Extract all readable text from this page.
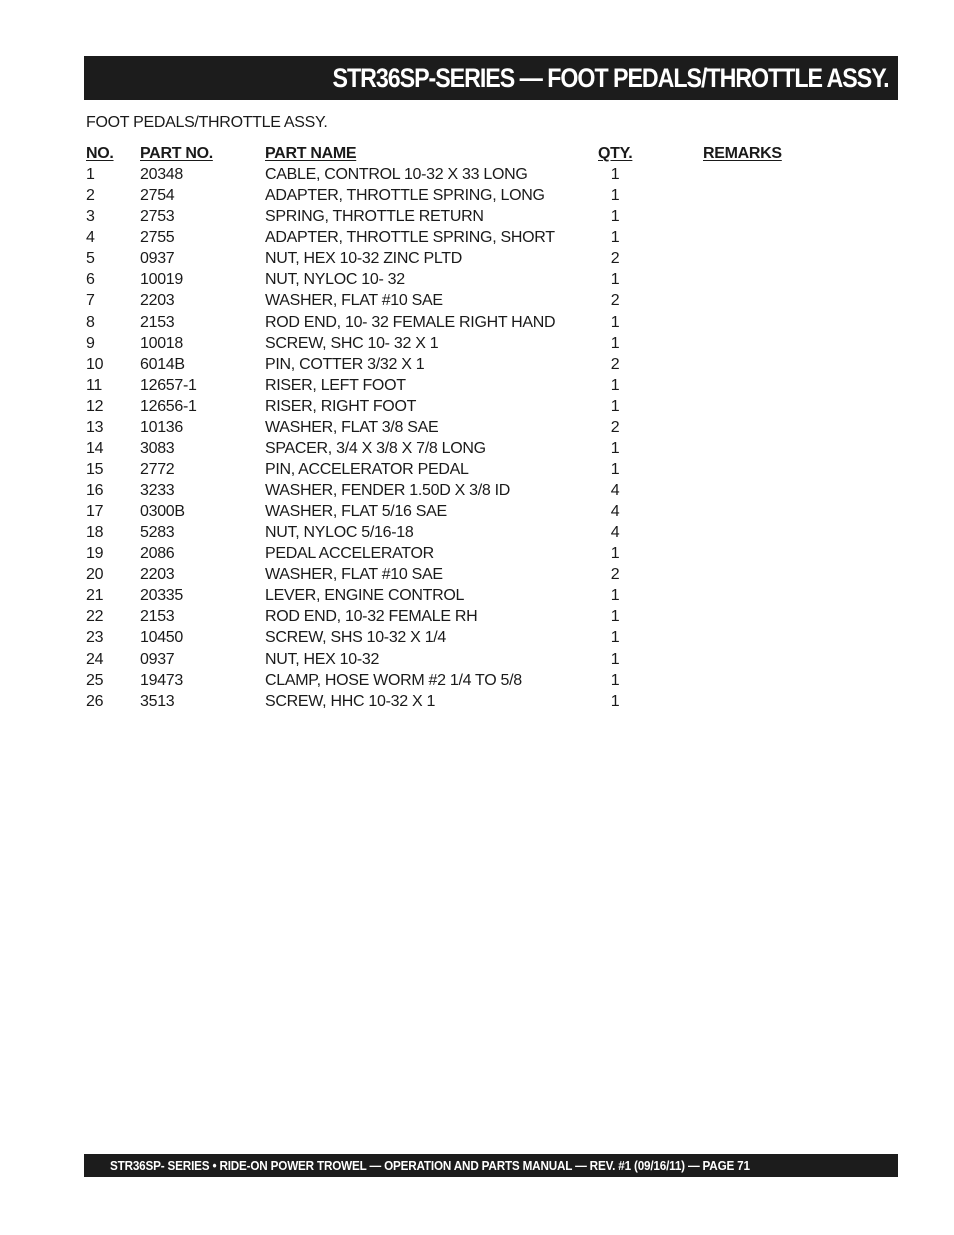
STR36SP-SERIES — FOOT PEDALS/THROTTLE ASSY.
FOOT PEDALS/THROTTLE ASSY.
NO. PART NO.	PART NAME	QTY.	REMARKS
1	20348	CABLE, CONTROL 10-32 X 33 LONG	1
2	2754	ADAPTER, THROTTLE SPRING, LONG	1
3	2753	SPRING, THROTTLE RETURN	1
4	2755	ADAPTER, THROTTLE SPRING, SHORT	1
5	0937	NUT, HEX 10-32 ZINC PLTD	2
6	10019	NUT, NYLOC 10- 32	1
7	2203	WASHER, FLAT #10 SAE	2
8	2153	ROD END, 10- 32 FEMALE RIGHT HAND	1
9	10018	SCREW, SHC 10- 32 X 1	1
10 6014B	PIN, COTTER 3/32 X 1	2
11 12657-1	RISER, LEFT FOOT	1
12 12656-1	RISER, RIGHT FOOT	1
13 10136	WASHER, FLAT 3/8 SAE	2
14 3083	SPACER, 3/4 X 3/8 X 7/8 LONG	1
15 2772	PIN, ACCELERATOR PEDAL	1
16 3233	WASHER, FENDER 1.50D X 3/8 ID	4
17 0300B	WASHER, FLAT 5/16 SAE	4
18 5283	NUT, NYLOC 5/16-18	4
19 2086	PEDAL ACCELERATOR	1
20 2203	WASHER, FLAT #10 SAE	2
21 20335	LEVER, ENGINE CONTROL	1
22 2153	ROD END, 10-32 FEMALE RH	1
23 10450	SCREW, SHS 10-32 X 1/4	1
24 0937	NUT, HEX 10-32	1
25 19473	CLAMP, HOSE WORM #2 1/4 TO 5/8	1
26 3513	SCREW, HHC 10-32 X 1	1
STR36SP- SERIES • RIDE-ON POWER TROWEL — OPERATION AND PARTS MANUAL — REV. #1 (09/16/11) — PAGE 71
